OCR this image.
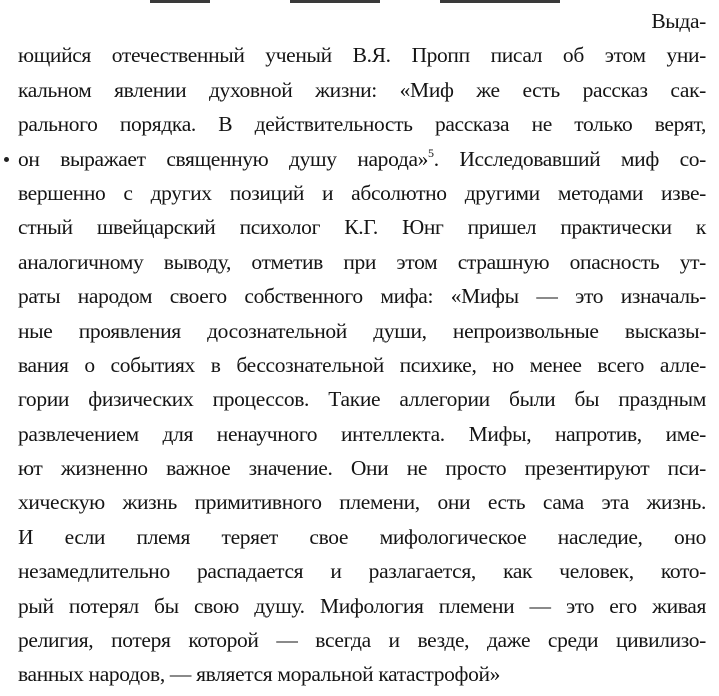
Выда-
ющийся отечественный ученый В.Я. Пропп писал об этом уни-
кальном явлении духовной жизни: «Миф же есть рассказ сак-
рального порядка. В действительность рассказа не только верят,
он выражает священную душу народа»$^5$. Исследовавший миф со-
вершенно с других позиций и абсолютно другими методами изве-
стный швейцарский психолог К.Г. Юнг пришел практически к
аналогичному выводу, отметив при этом страшную опасность ут-
раты народом своего собственного мифа: «Мифы — это изначаль-
ные проявления досознательной души, непроизвольные высказы-
вания о событиях в бессознательной психике, но менее всего алле-
гории физических процессов. Такие аллегории были бы праздным
развлечением для ненаучного интеллекта. Мифы, напротив, име-
ют жизненно важное значение. Они не просто презентируют пси-
хическую жизнь примитивного племени, они есть сама эта жизнь.
И если племя теряет свое мифологическое наследие, оно
незамедлительно распадается и разлагается, как человек, кото-
рый потерял бы свою душу. Мифология племени — это его живая
религия, потеря которой — всегда и везде, даже среди цивилизо-
ванных народов, — является моральной катастрофой»
